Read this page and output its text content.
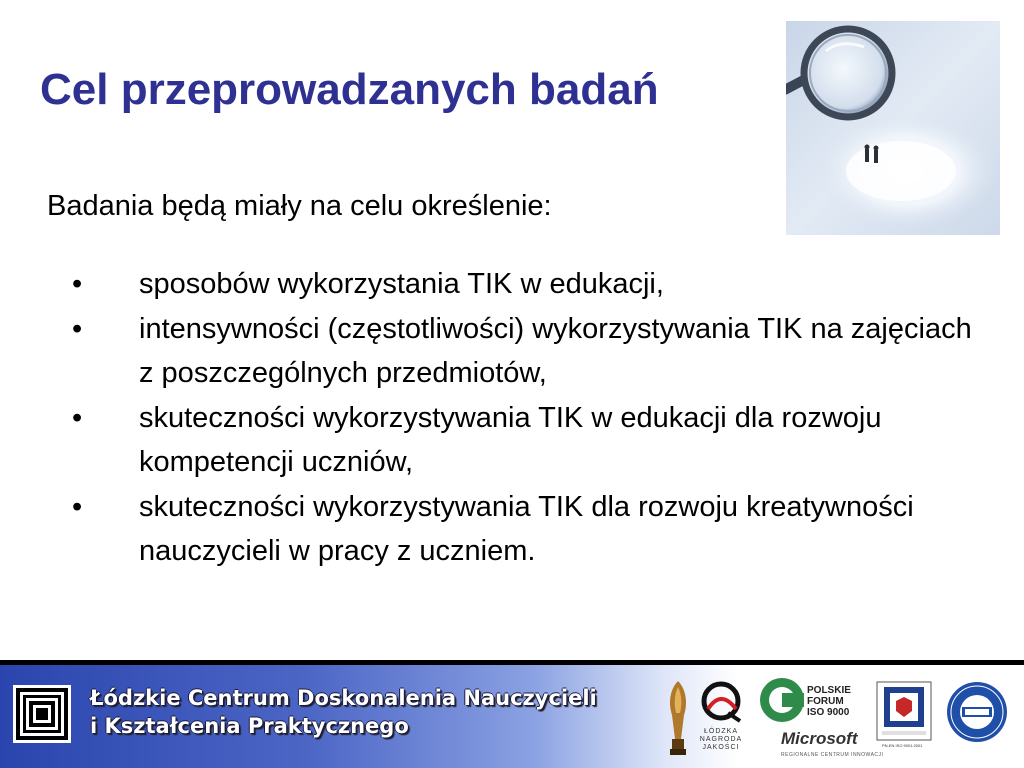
Cel przeprowadzanych badań

Badania będą miały na celu określenie:

• sposobów wykorzystania TIK w edukacji,
• intensywności (częstotliwości) wykorzystywania TIK na zajęciach z poszczególnych przedmiotów,
• skuteczności wykorzystywania TIK w edukacji dla rozwoju kompetencji uczniów,
• skuteczności wykorzystywania TIK dla rozwoju kreatywności nauczycieli w pracy z uczniem.
Łódzkie Centrum Doskonalenia Nauczycieli
i Kształcenia Praktycznego	ŁÓDZKA NAGRODA JAKOŚCI
POLSKIE FORUM ISO 9000
Microsoft
REGIONALNE CENTRUM INNOWACJI
PN-EN ISO 9001:2001
